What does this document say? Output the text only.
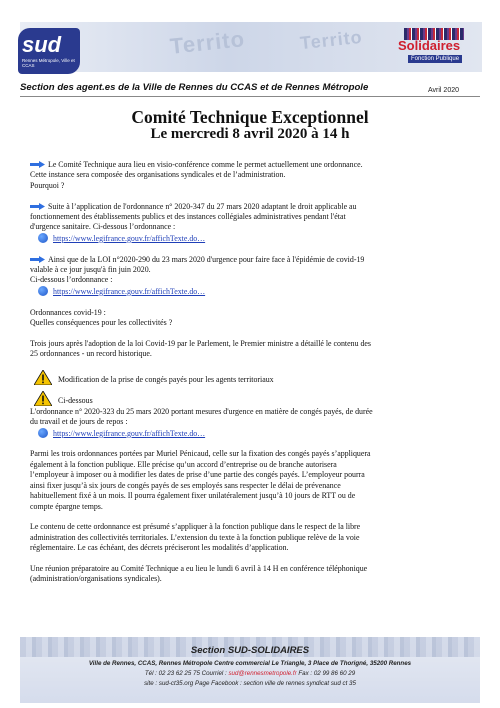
Territo	Territo
sud
Rennes Métropole, Ville et CCAS
Solidaires
Fonction Publique
Section des agent.es de la Ville de Rennes du CCAS et de Rennes Métropole	Avril 2020
Comité Technique Exceptionnel
Le mercredi 8 avril 2020 à 14 h

Le Comité Technique aura lieu en visio-conférence comme le permet actuellement une ordonnance.

Cette instance sera composée des organisations syndicales et de l’administration.

Pourquoi ?

Suite à l’application de l'ordonnance n° 2020-347 du 27 mars 2020 adaptant le droit applicable au

fonctionnement des établissements publics et des instances collégiales administratives pendant l'état

d'urgence sanitaire. Ci-dessous l’ordonnance :

https://www.legifrance.gouv.fr/affichTexte.do…

Ainsi que de la LOI n°2020-290 du 23 mars 2020 d'urgence pour faire face à l'épidémie de covid-19

valable à ce jour jusqu'à fin juin 2020.

Ci-dessous l’ordonnance :

https://www.legifrance.gouv.fr/affichTexte.do…

Ordonnances covid-19 :

Quelles conséquences pour les collectivités ?

Trois jours après l'adoption de la loi Covid-19 par le Parlement, le Premier ministre a détaillé le contenu des

25 ordonnances - un record historique.

Modification de la prise de congés payés pour les agents territoriaux

Ci-dessous

L'ordonnance n° 2020-323 du 25 mars 2020 portant mesures d'urgence en matière de congés payés, de durée

du travail et de jours de repos :

https://www.legifrance.gouv.fr/affichTexte.do…

Parmi les trois ordonnances portées par Muriel Pénicaud, celle sur la fixation des congés payés s’appliquera

également à la fonction publique. Elle précise qu’un accord d’entreprise ou de branche autorisera

l’employeur à imposer ou à modifier les dates de prise d’une partie des congés payés. L’employeur pourra

ainsi fixer jusqu’à six jours de congés payés de ses employés sans respecter le délai de prévenance

habituellement fixé à un mois. Il pourra également fixer unilatéralement jusqu’à 10 jours de RTT ou de

compte épargne temps.

Le contenu de cette ordonnance est présumé s’appliquer à la fonction publique dans le respect de la libre

administration des collectivités territoriales. L’extension du texte à la fonction publique relève de la voie

réglementaire. Le cas échéant, des décrets préciseront les modalités d’application.

Une réunion préparatoire au Comité Technique a eu lieu le lundi 6 avril à 14 H en conférence téléphonique

(administration/organisations syndicales).

Section SUD-SOLIDAIRES
Ville de Rennes, CCAS, Rennes Métropole Centre commercial Le Triangle, 3 Place de Thorigné, 35200 Rennes
Tél : 02 23 62 25 75 Courriel : sud@rennesmetropole.fr Fax : 02 99 86 60 29
site : sud-ct35.org Page Facebook : section ville de rennes syndicat sud ct 35
